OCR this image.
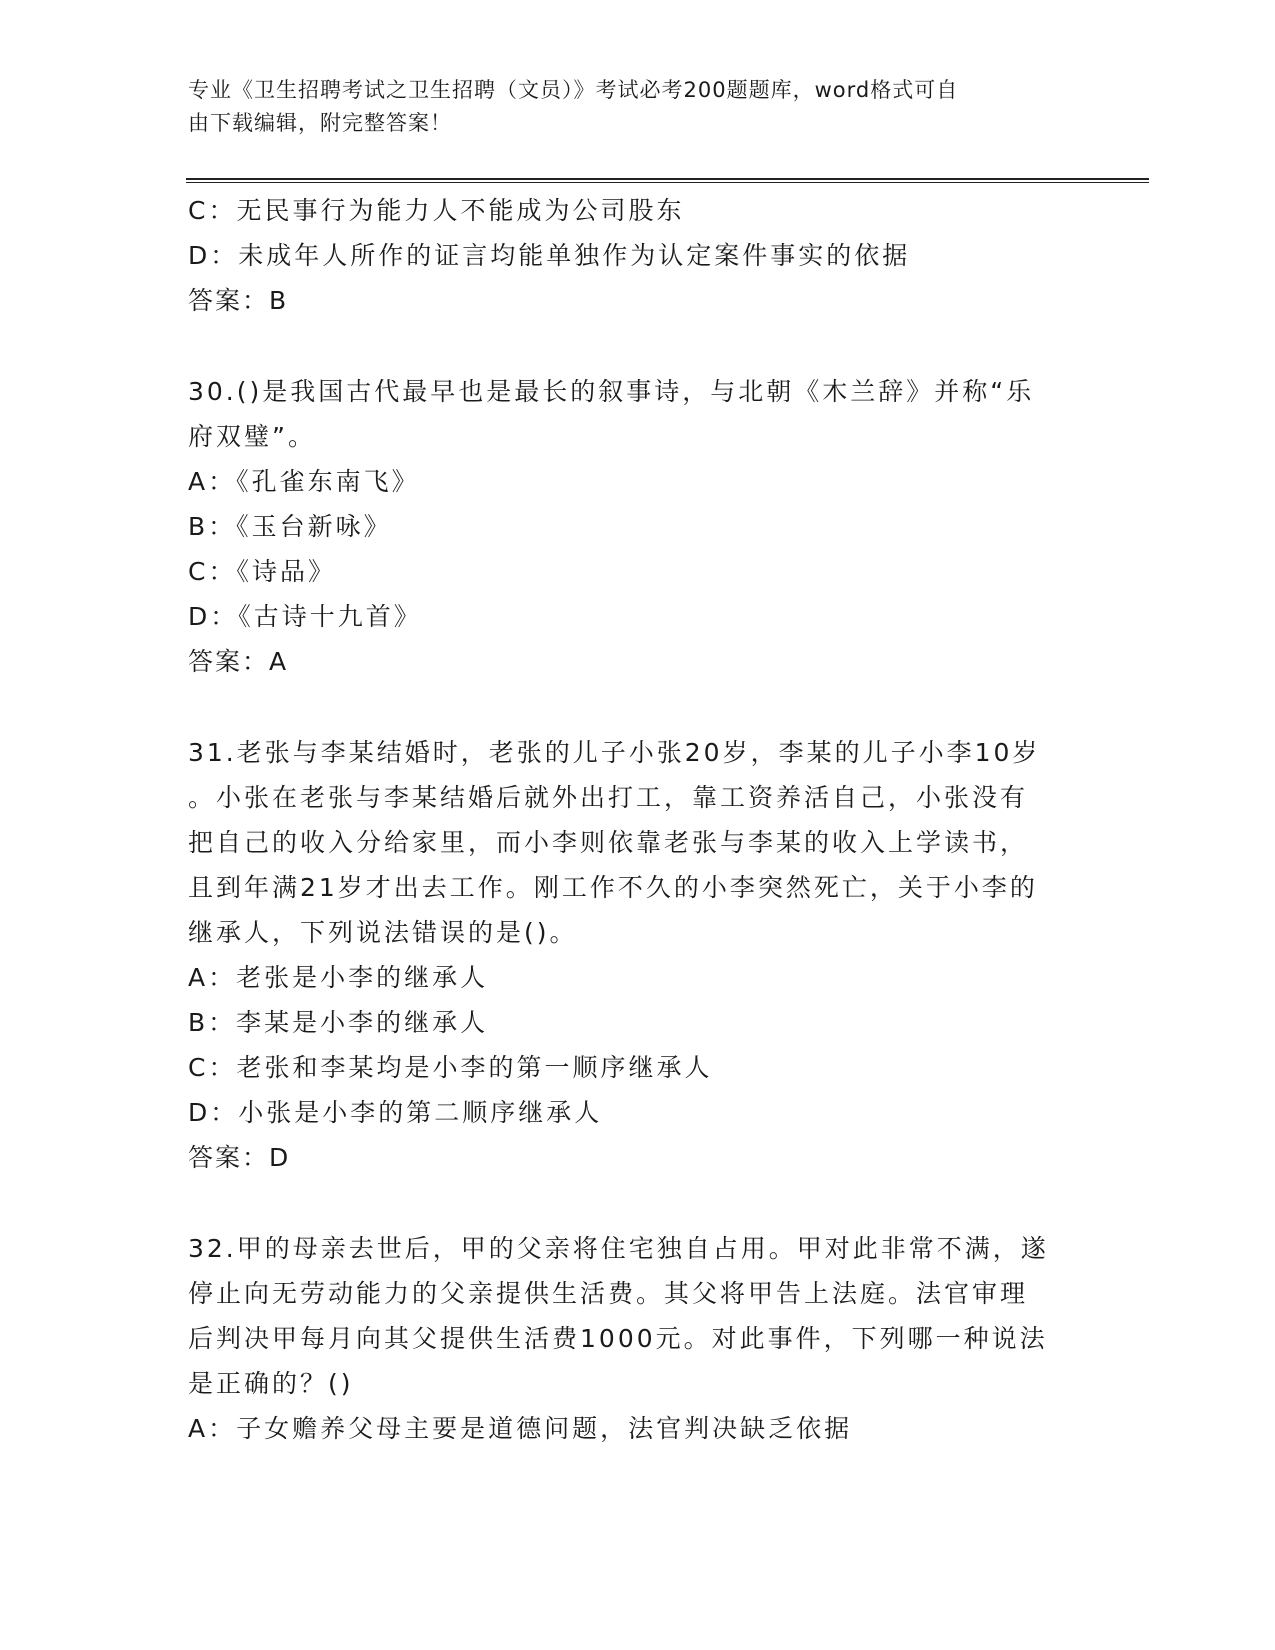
专业《卫生招聘考试之卫生招聘（文员）》考试必考200题题库，word格式可自
由下载编辑，附完整答案！
C：无民事行为能力人不能成为公司股东
D：未成年人所作的证言均能单独作为认定案件事实的依据
答案：B
30.()是我国古代最早也是最长的叙事诗，与北朝《木兰辞》并称“乐
府双璧”。
A：《孔雀东南飞》
B：《玉台新咏》
C：《诗品》
D：《古诗十九首》
答案：A
31.老张与李某结婚时，老张的儿子小张20岁，李某的儿子小李10岁
。小张在老张与李某结婚后就外出打工，靠工资养活自己，小张没有
把自己的收入分给家里，而小李则依靠老张与李某的收入上学读书，
且到年满21岁才出去工作。刚工作不久的小李突然死亡，关于小李的
继承人，下列说法错误的是()。
A：老张是小李的继承人
B：李某是小李的继承人
C：老张和李某均是小李的第一顺序继承人
D：小张是小李的第二顺序继承人
答案：D
32.甲的母亲去世后，甲的父亲将住宅独自占用。甲对此非常不满，遂
停止向无劳动能力的父亲提供生活费。其父将甲告上法庭。法官审理
后判决甲每月向其父提供生活费1000元。对此事件，下列哪一种说法
是正确的？()
A：子女赡养父母主要是道德问题，法官判决缺乏依据
